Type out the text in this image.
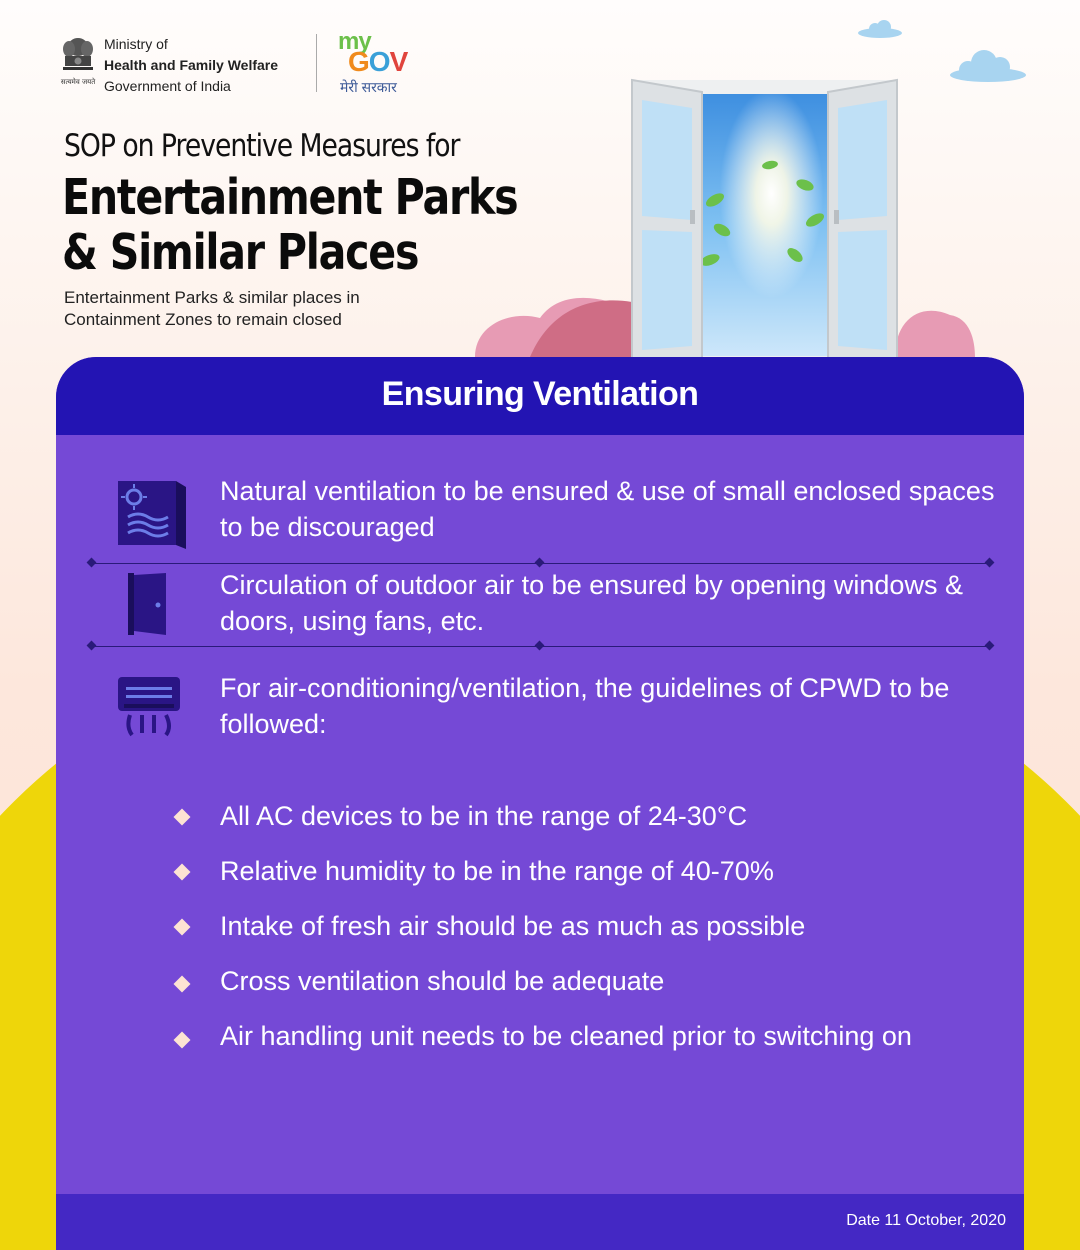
सत्यमेव जयते
Ministry of
Health and Family Welfare
Government of India
my
GOV
मेरी सरकार
SOP on Preventive Measures for
Entertainment Parks
& Similar Places
Entertainment Parks & similar places in
Containment Zones to remain closed
Ensuring Ventilation
Natural ventilation to be ensured & use of small enclosed spaces to be discouraged
Circulation of outdoor air to be ensured by opening windows & doors, using fans, etc.
For air-conditioning/ventilation, the guidelines of CPWD to be followed:
All AC devices to be in the range of 24-30°C
Relative humidity to be in the range of 40-70%
Intake of fresh air should be as much as possible
Cross ventilation should be adequate
Air handling unit needs to be cleaned prior to switching on
Date 11 October, 2020
